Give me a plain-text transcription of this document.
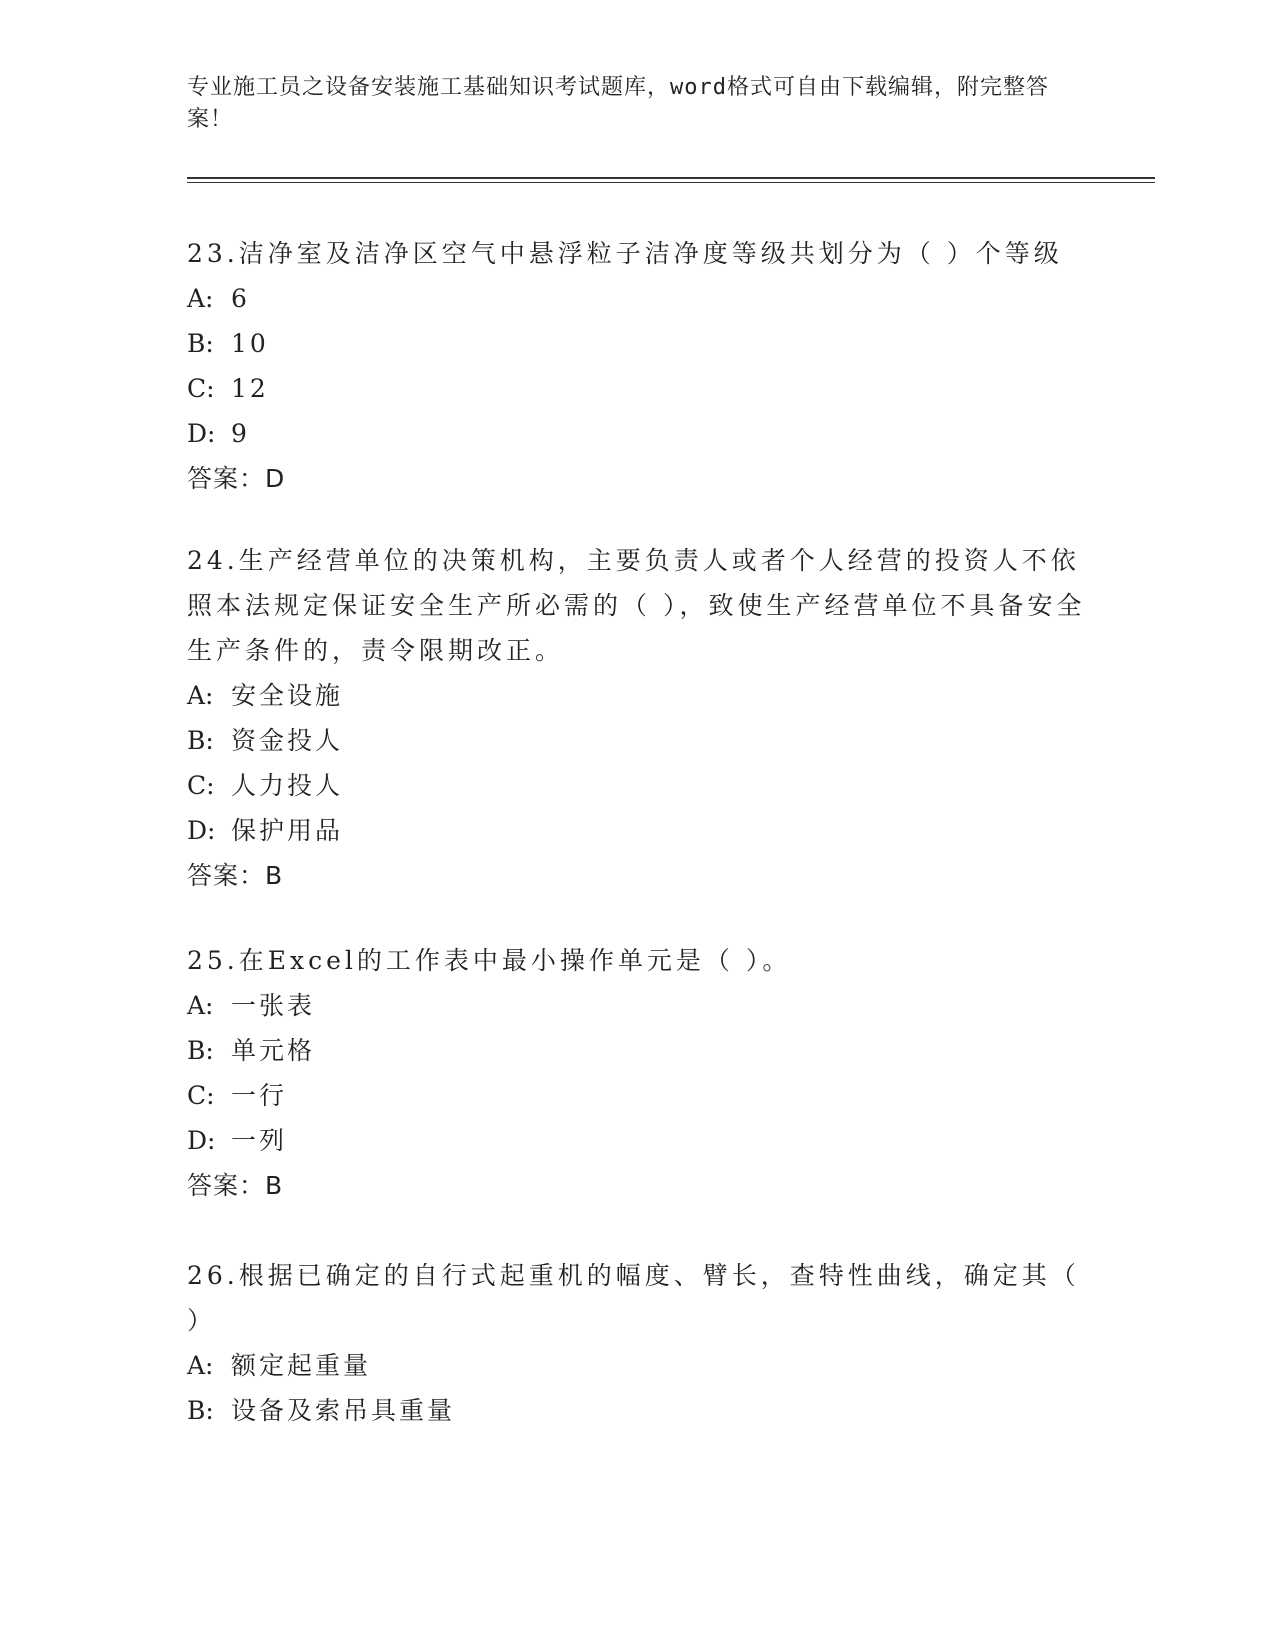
专业施工员之设备安装施工基础知识考试题库，word格式可自由下载编辑，附完整答案！

23.洁净室及洁净区空气中悬浮粒子洁净度等级共划分为（ ）个等级

A: 6

B: 10

C: 12

D: 9

答案：D

24.生产经营单位的决策机构，主要负责人或者个人经营的投资人不依照本法规定保证安全生产所必需的（ ），致使生产经营单位不具备安全生产条件的，责令限期改正。

A: 安全设施

B: 资金投人

C: 人力投人

D: 保护用品

答案：B

25.在Excel的工作表中最小操作单元是（ ）。

A: 一张表

B: 单元格

C: 一行

D: 一列

答案：B

26.根据已确定的自行式起重机的幅度、臂长，查特性曲线，确定其（ ）

A: 额定起重量

B: 设备及索吊具重量
